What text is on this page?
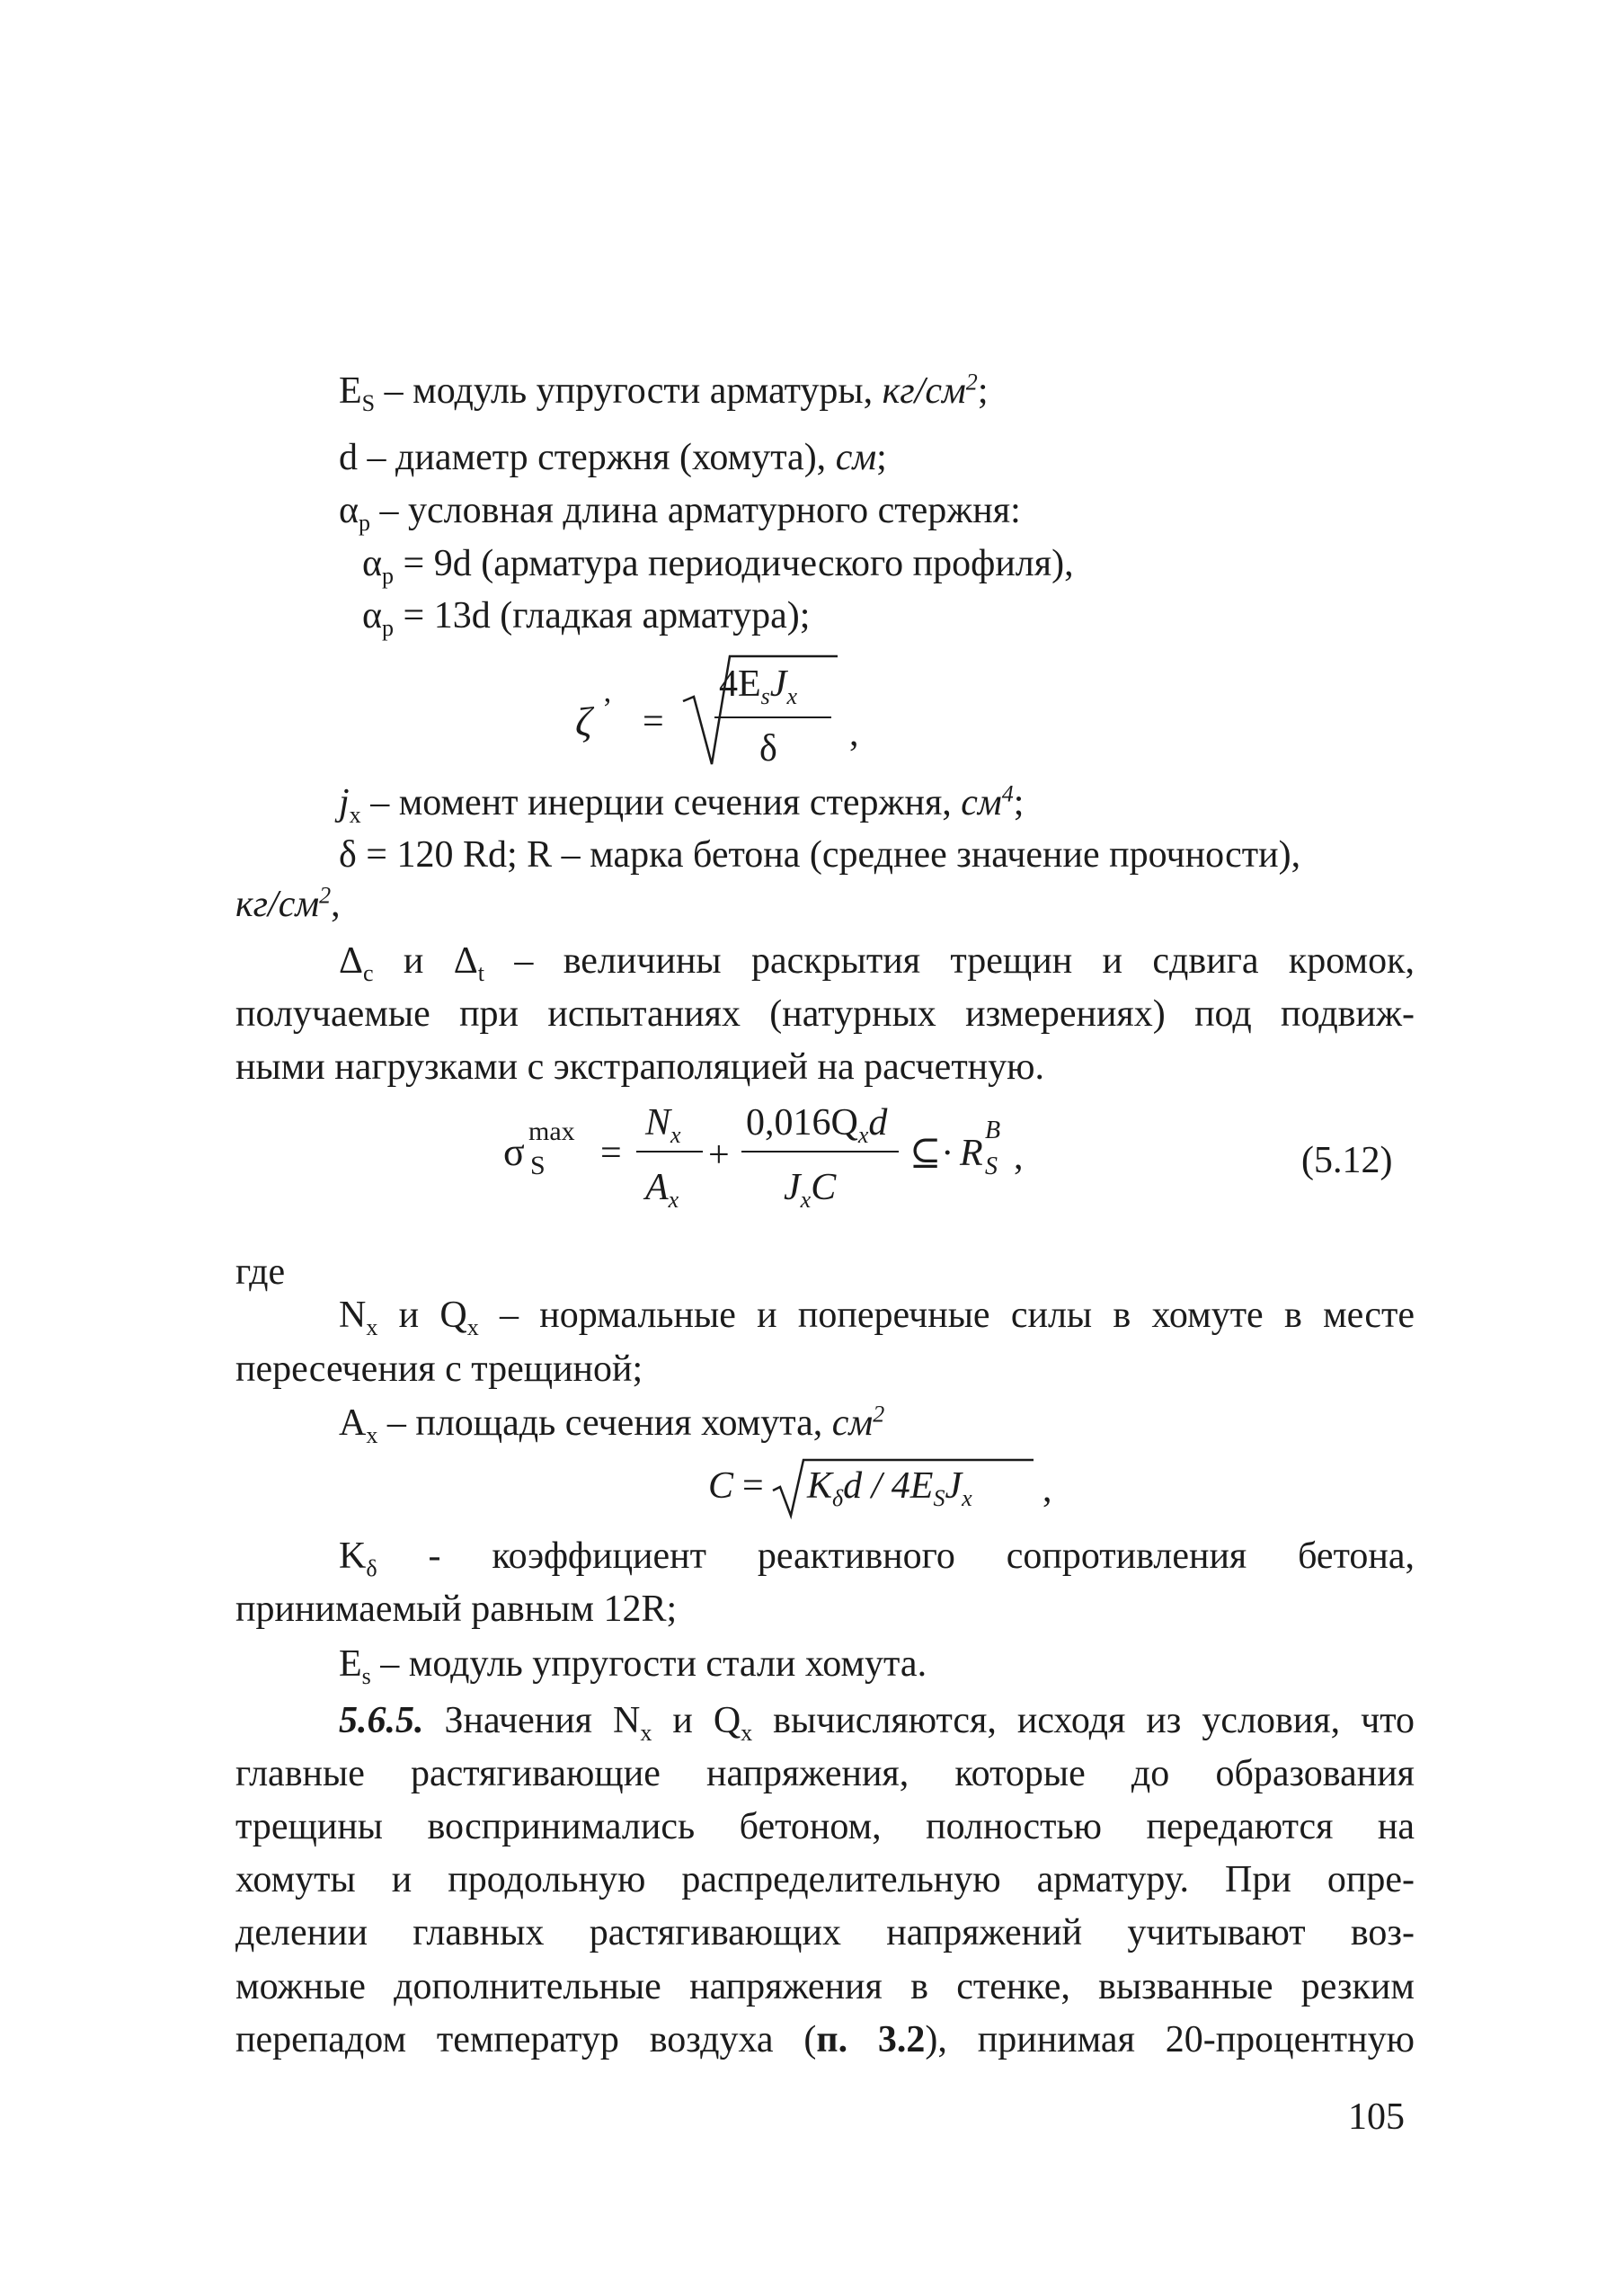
$E_S$ – модуль упругости арматуры, $кг/см^2$;
d – диаметр стержня (хомута), см;
$\alpha_p$ – условная длина арматурного стержня:
$\alpha_p = 9d$ (арматура периодического профиля),
$\alpha_p = 13d$ (гладкая арматура);
ζ ’ =
$4E_sJ_x$
δ ,
$j_x$ – момент инерции сечения стержня, $см^4$;
δ = 120 Rd; R – марка бетона (среднее значение прочности),
$кг/см^2$,
$\Delta_c$ и $\Delta_t$ – величины раскрытия трещин и сдвига кромок,
получаемые при испытаниях (натурных измерениях) под подвиж-
ными нагрузками с экстраполяцией на расчетную.
σ max
S =
$N_x$
$A_x$
+
$0,016Q_xd$
$J_xC$
⊆· R
B
S ,	(5.12)
где
$N_x$ и $Q_x$ – нормальные и поперечные силы в хомуте в месте
пересечения с трещиной;
$A_x$ – площадь сечения хомута, $см^2$
$C = K_\delta d / 4E_SJ_x$ ,
$K_\delta$ - коэффициент реактивного сопротивления бетона,
принимаемый равным 12R;
$E_s$ – модуль упругости стали хомута.
5.6.5. Значения $N_x$ и $Q_x$ вычисляются, исходя из условия, что
главные растягивающие напряжения, которые до образования
трещины воспринимались бетоном, полностью передаются на
хомуты и продольную распределительную арматуру. При опре-
делении главных растягивающих напряжений учитывают воз-
можные дополнительные напряжения в стенке, вызванные резким
перепадом температур воздуха (п. 3.2), принимая 20-процентную
105
